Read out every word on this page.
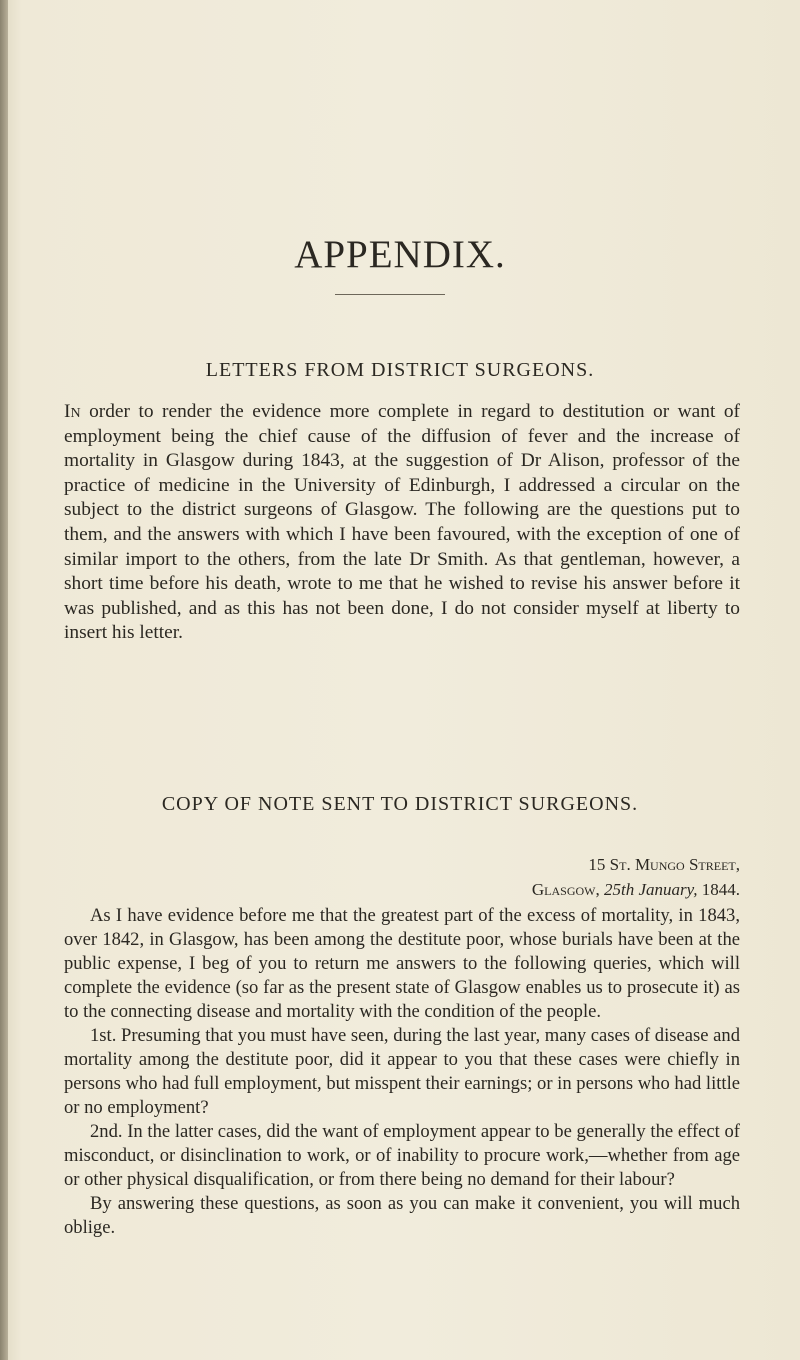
APPENDIX.
LETTERS FROM DISTRICT SURGEONS.

In order to render the evidence more complete in regard to destitution or want of employment being the chief cause of the diffusion of fever and the increase of mortality in Glasgow during 1843, at the suggestion of Dr Alison, professor of the practice of medicine in the University of Edinburgh, I addressed a circular on the subject to the district surgeons of Glasgow. The following are the questions put to them, and the answers with which I have been favoured, with the exception of one of similar import to the others, from the late Dr Smith. As that gentleman, however, a short time before his death, wrote to me that he wished to revise his answer before it was published, and as this has not been done, I do not consider myself at liberty to insert his letter.

COPY OF NOTE SENT TO DISTRICT SURGEONS.
15 St. Mungo Street,
Glasgow, 25th January, 1844.
As I have evidence before me that the greatest part of the excess of mortality, in 1843, over 1842, in Glasgow, has been among the destitute poor, whose burials have been at the public expense, I beg of you to return me answers to the following queries, which will complete the evidence (so far as the present state of Glasgow enables us to prosecute it) as to the connecting disease and mortality with the condition of the people.
1st. Presuming that you must have seen, during the last year, many cases of disease and mortality among the destitute poor, did it appear to you that these cases were chiefly in persons who had full employment, but misspent their earnings; or in persons who had little or no employment?
2nd. In the latter cases, did the want of employment appear to be generally the effect of misconduct, or disinclination to work, or of inability to procure work,—whether from age or other physical disqualification, or from there being no demand for their labour?
By answering these questions, as soon as you can make it convenient, you will much oblige.
